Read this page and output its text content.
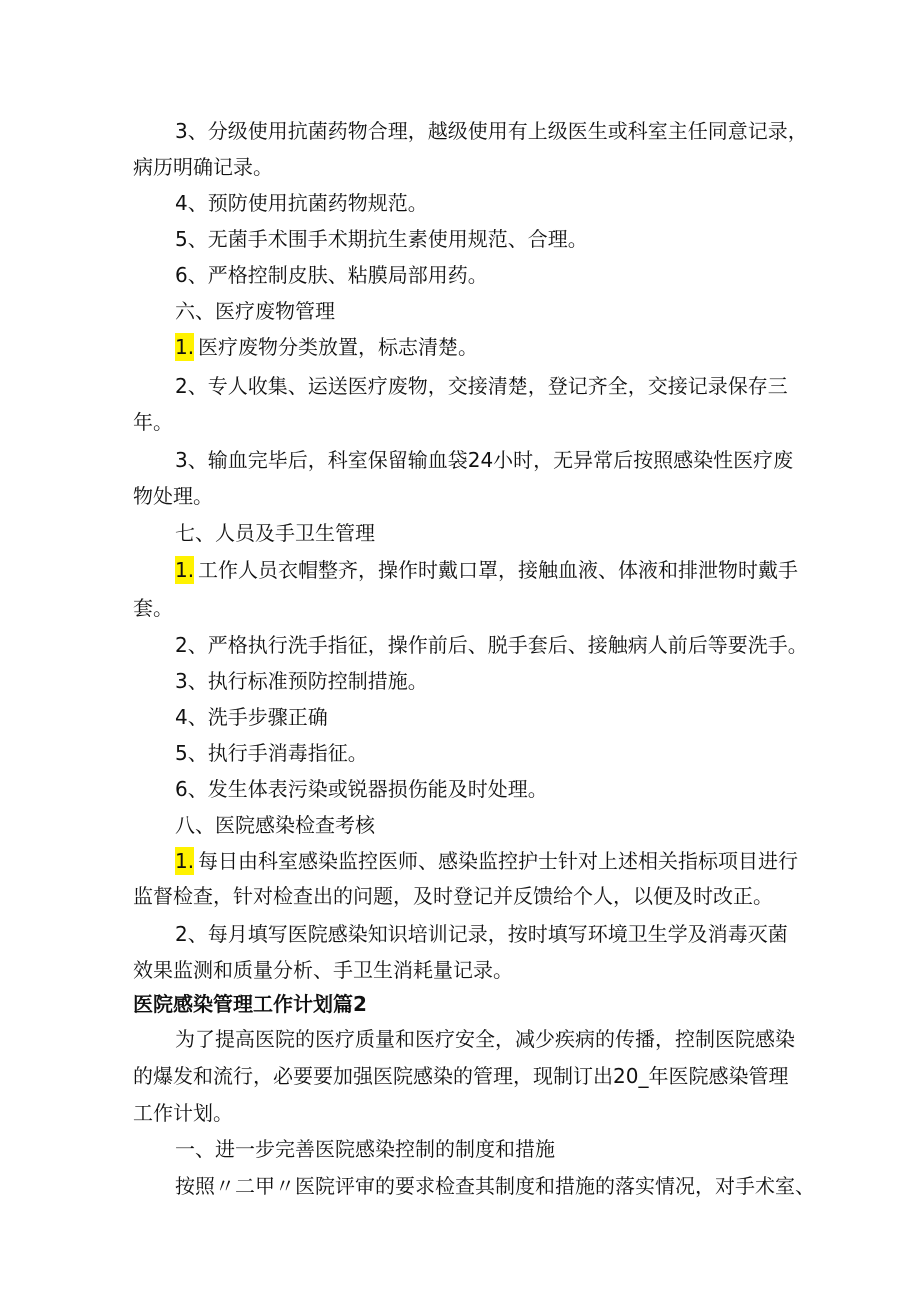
3、分级使用抗菌药物合理，越级使用有上级医生或科室主任同意记录，
病历明确记录。
4、预防使用抗菌药物规范。
5、无菌手术围手术期抗生素使用规范、合理。
6、严格控制皮肤、粘膜局部用药。
六、医疗废物管理
1. 医疗废物分类放置，标志清楚。
2、专人收集、运送医疗废物，交接清楚，登记齐全，交接记录保存三
年。
3、输血完毕后，科室保留输血袋24小时，无异常后按照感染性医疗废
物处理。
七、人员及手卫生管理
1. 工作人员衣帽整齐，操作时戴口罩，接触血液、体液和排泄物时戴手
套。
2、严格执行洗手指征，操作前后、脱手套后、接触病人前后等要洗手。
3、执行标准预防控制措施。
4、洗手步骤正确
5、执行手消毒指征。
6、发生体表污染或锐器损伤能及时处理。
八、医院感染检查考核
1. 每日由科室感染监控医师、感染监控护士针对上述相关指标项目进行
监督检查，针对检查出的问题，及时登记并反馈给个人，以便及时改正。
2、每月填写医院感染知识培训记录，按时填写环境卫生学及消毒灭菌
效果监测和质量分析、手卫生消耗量记录。
医院感染管理工作计划篇2
为了提高医院的医疗质量和医疗安全，减少疾病的传播，控制医院感染
的爆发和流行，必要要加强医院感染的管理，现制订出20_年医院感染管理
工作计划。
一、进一步完善医院感染控制的制度和措施
按照〃二甲〃医院评审的要求检查其制度和措施的落实情况，对手术室、
